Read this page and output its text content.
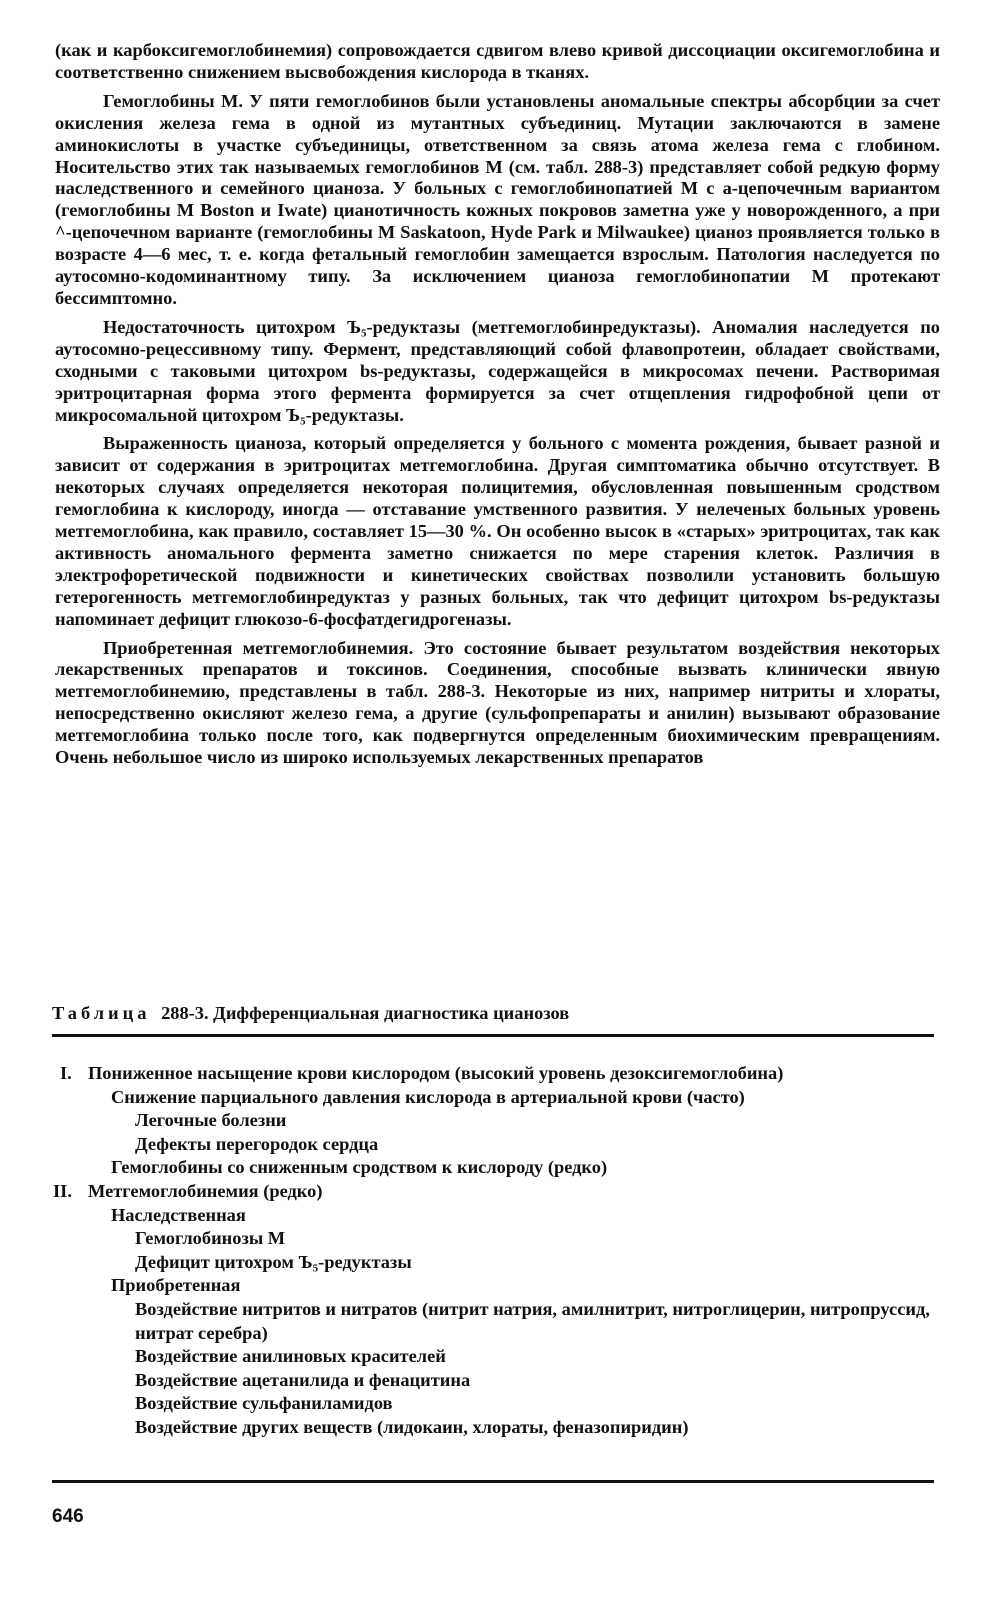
(как и карбоксигемоглобинемия) сопровождается сдвигом влево кривой диссоциации оксигемоглобина и соответственно снижением высвобождения кислорода в тканях.

Гемоглобины М. У пяти гемоглобинов были установлены аномальные спектры абсорбции за счет окисления железа гема в одной из мутантных субъединиц. Мутации заключаются в замене аминокислоты в участке субъединицы, ответственном за связь атома железа гема с глобином. Носительство этих так называемых гемоглобинов М (см. табл. 288-3) представляет собой редкую форму наследственного и семейного цианоза. У больных с гемоглобинопатией М с а-цепочечным вариантом (гемоглобины М Boston и Iwate) цианотичность кожных покровов заметна уже у новорожденного, а при ^-цепочечном варианте (гемоглобины М Saskatoon, Hyde Park и Milwaukee) цианоз проявляется только в возрасте 4—6 мес, т. е. когда фетальный гемоглобин замещается взрослым. Патология наследуется по аутосомно-кодоминантному типу. За исключением цианоза гемоглобинопатии М протекают бессимптомно.

Недостаточность цитохром Ъ₅-редуктазы (метгемоглобинредуктазы). Аномалия наследуется по аутосомно-рецессивному типу. Фермент, представляющий собой флавопротеин, обладает свойствами, сходными с таковыми цитохром bs-редуктазы, содержащейся в микросомах печени. Растворимая эритроцитарная форма этого фермента формируется за счет отщепления гидрофобной цепи от микросомальной цитохром Ъ₅-редуктазы.

Выраженность цианоза, который определяется у больного с момента рождения, бывает разной и зависит от содержания в эритроцитах метгемоглобина. Другая симптоматика обычно отсутствует. В некоторых случаях определяется некоторая полицитемия, обусловленная повышенным сродством гемоглобина к кислороду, иногда — отставание умственного развития. У нелеченых больных уровень метгемоглобина, как правило, составляет 15—30 %. Он особенно высок в «старых» эритроцитах, так как активность аномального фермента заметно снижается по мере старения клеток. Различия в электрофоретической подвижности и кинетических свойствах позволили установить большую гетерогенность метгемоглобинредуктаз у разных больных, так что дефицит цитохром bs-редуктазы напоминает дефицит глюкозо-6-фосфатдегидрогеназы.

Приобретенная метгемоглобинемия. Это состояние бывает результатом воздействия некоторых лекарственных препаратов и токсинов. Соединения, способные вызвать клинически явную метгемоглобинемию, представлены в табл. 288-3. Некоторые из них, например нитриты и хлораты, непосредственно окисляют железо гема, а другие (сульфопрепараты и анилин) вызывают образование метгемоглобина только после того, как подвергнутся определенным биохимическим превращениям. Очень небольшое число из широко используемых лекарственных препаратов

Таблица 288-3. Дифференциальная диагностика цианозов
I. Пониженное насыщение крови кислородом (высокий уровень дезоксигемоглобина)
Снижение парциального давления кислорода в артериальной крови (часто)
Легочные болезни
Дефекты перегородок сердца
Гемоглобины со сниженным сродством к кислороду (редко)
II. Метгемоглобинемия (редко)
Наследственная
Гемоглобинозы М
Дефицит цитохром Ъ₅-редуктазы
Приобретенная
Воздействие нитритов и нитратов (нитрит натрия, амилнитрит, нитроглицерин, нитропруссид, нитрат серебра)
Воздействие анилиновых красителей
Воздействие ацетанилида и фенацитина
Воздействие сульфаниламидов
Воздействие других веществ (лидокаин, хлораты, феназопиридин)
646
